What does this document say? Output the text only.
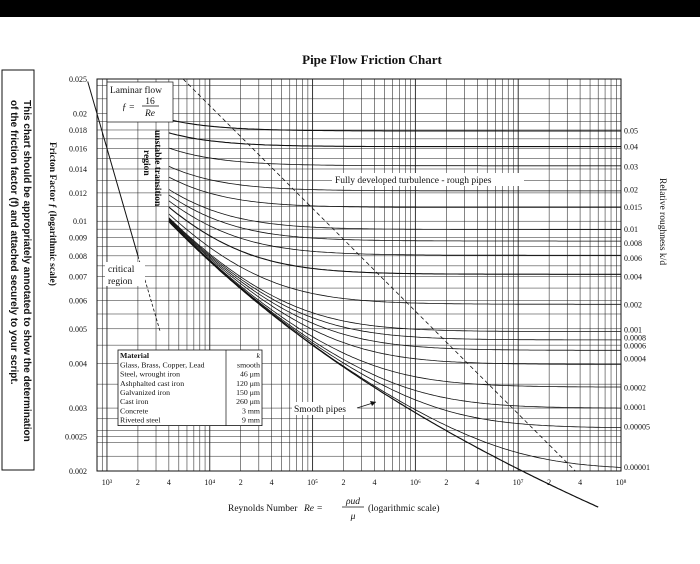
0.025
0.02
0.018
0.016
0.014
0.012
0.01
0.009
0.008
0.007
0.006
0.005
0.004
0.003
0.0025
0.002
0.05
0.04
0.03
0.02
0.015
0.01
0.008
0.006
0.004
0.002
0.001
0.0008
0.0006
0.0004
0.0002
0.0001
0.00005
0.00001
10³	2	4	10⁴	2	4	10⁵	2	4	10⁶	2	4	10⁷	2	4	10⁸
Pipe Flow Friction Chart
Laminar flow
ƒ =
16
Re
unstable transition
region
critical
region
Fully developed turbulence - rough pipes
Smooth pipes
Material	k
Glass, Brass, Copper, Lead	smooth
Steel, wrought iron	46 μm
Ashphalted cast iron	120 μm
Galvanized iron	150 μm
Cast iron	260 μm
Concrete	3 mm
Riveted steel	9 mm
Fricton Factor ƒ (logarithmic scale)	Relative roughness k/d
Reynolds Number Re =
ρud
μ
(logarithmic scale)
This chart should be appropriately annotated to show the determination
of the friction factor (f) and attached securely to your script.
